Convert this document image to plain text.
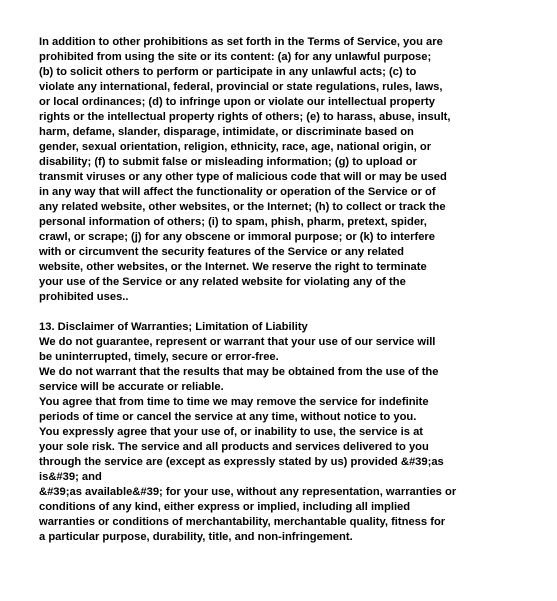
In addition to other prohibitions as set forth in the Terms of Service, you are

prohibited from using the site or its content: (a) for any unlawful purpose;

(b) to solicit others to perform or participate in any unlawful acts; (c) to

violate any international, federal, provincial or state regulations, rules, laws,

or local ordinances; (d) to infringe upon or violate our intellectual property

rights or the intellectual property rights of others; (e) to harass, abuse, insult,

harm, defame, slander, disparage, intimidate, or discriminate based on

gender, sexual orientation, religion, ethnicity, race, age, national origin, or

disability; (f) to submit false or misleading information; (g) to upload or

transmit viruses or any other type of malicious code that will or may be used

in any way that will affect the functionality or operation of the Service or of

any related website, other websites, or the Internet; (h) to collect or track the

personal information of others; (i) to spam, phish, pharm, pretext, spider,

crawl, or scrape; (j) for any obscene or immoral purpose; or (k) to interfere

with or circumvent the security features of the Service or any related

website, other websites, or the Internet. We reserve the right to terminate

your use of the Service or any related website for violating any of the

prohibited uses..

13. Disclaimer of Warranties; Limitation of Liability

We do not guarantee, represent or warrant that your use of our service will

be uninterrupted, timely, secure or error-free.

We do not warrant that the results that may be obtained from the use of the

service will be accurate or reliable.

You agree that from time to time we may remove the service for indefinite

periods of time or cancel the service at any time, without notice to you.

You expressly agree that your use of, or inability to use, the service is at

your sole risk. The service and all products and services delivered to you

through the service are (except as expressly stated by us) provided &#39;as

is&#39; and

&#39;as available&#39; for your use, without any representation, warranties or

conditions of any kind, either express or implied, including all implied

warranties or conditions of merchantability, merchantable quality, fitness for

a particular purpose, durability, title, and non-infringement.
